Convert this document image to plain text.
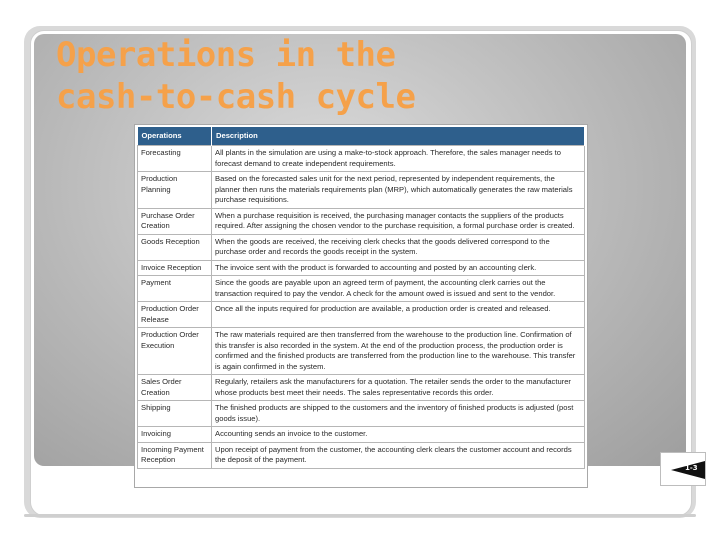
Operations in the
cash-to-cash cycle
Operations	Description
Forecasting	All plants in the simulation are using a make-to-stock approach. Therefore, the sales manager needs to forecast demand to create independent requirements.
Production Planning	Based on the forecasted sales unit for the next period, represented by independent requirements, the planner then runs the materials requirements plan (MRP), which automatically generates the raw materials purchase requisitions.
Purchase Order Creation	When a purchase requisition is received, the purchasing manager contacts the suppliers of the products required. After assigning the chosen vendor to the purchase requisition, a formal purchase order is created.
Goods Reception	When the goods are received, the receiving clerk checks that the goods delivered correspond to the purchase order and records the goods receipt in the system.
Invoice Reception	The invoice sent with the product is forwarded to accounting and posted by an accounting clerk.
Payment	Since the goods are payable upon an agreed term of payment, the accounting clerk carries out the transaction required to pay the vendor. A check for the amount owed is issued and sent to the vendor.
Production Order Release	Once all the inputs required for production are available, a production order is created and released.
Production Order Execution	The raw materials required are then transferred from the warehouse to the production line. Confirmation of this transfer is also recorded in the system. At the end of the production process, the production order is confirmed and the finished products are transferred from the production line to the warehouse. This transfer is again confirmed in the system.
Sales Order Creation	Regularly, retailers ask the manufacturers for a quotation. The retailer sends the order to the manufacturer whose products best meet their needs. The sales representative records this order.
Shipping	The finished products are shipped to the customers and the inventory of finished products is adjusted (post goods issue).
Invoicing	Accounting sends an invoice to the customer.
Incoming Payment Reception	Upon receipt of payment from the customer, the accounting clerk clears the customer account and records the deposit of the payment.
1-3
